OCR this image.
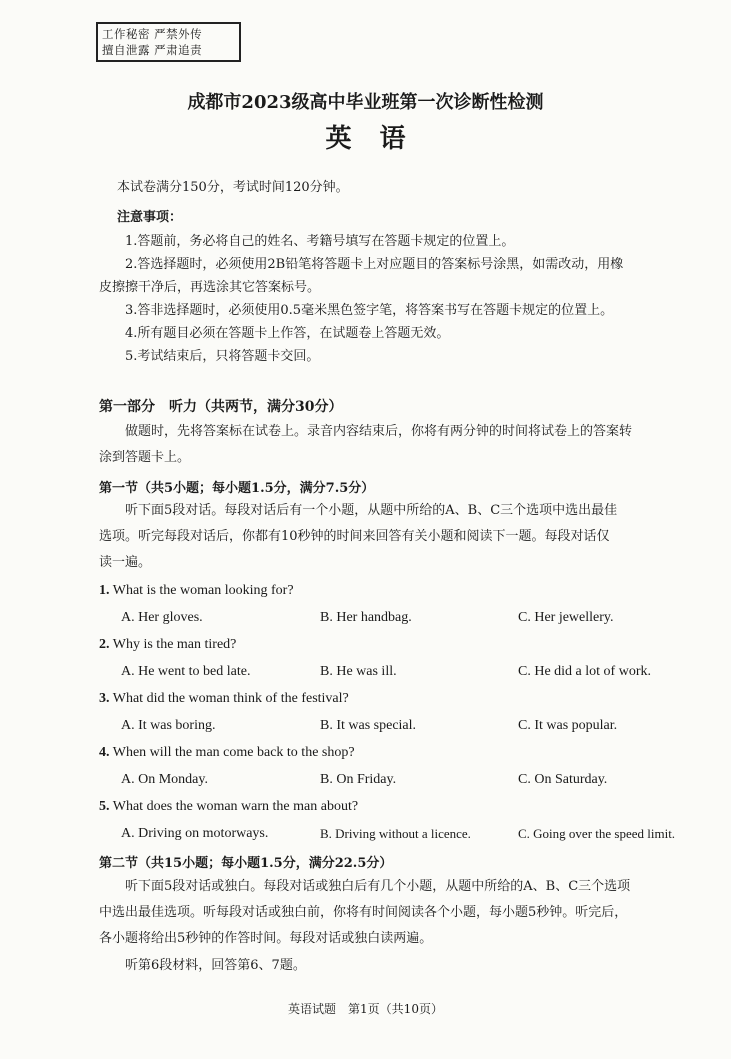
工作秘密 严禁外传
擅自泄露 严肃追责
成都市2023级高中毕业班第一次诊断性检测
英语
本试卷满分150分，考试时间120分钟。
注意事项：
1.答题前，务必将自己的姓名、考籍号填写在答题卡规定的位置上。
2.答选择题时，必须使用2B铅笔将答题卡上对应题目的答案标号涂黑，如需改动，用橡
皮擦擦干净后，再选涂其它答案标号。
3.答非选择题时，必须使用0.5毫米黑色签字笔，将答案书写在答题卡规定的位置上。
4.所有题目必须在答题卡上作答，在试题卷上答题无效。
5.考试结束后，只将答题卡交回。
第一部分　听力（共两节，满分30分）
做题时，先将答案标在试卷上。录音内容结束后，你将有两分钟的时间将试卷上的答案转
涂到答题卡上。
第一节（共5小题；每小题1.5分，满分7.5分）
听下面5段对话。每段对话后有一个小题，从题中所给的A、B、C三个选项中选出最佳
选项。听完每段对话后，你都有10秒钟的时间来回答有关小题和阅读下一题。每段对话仅
读一遍。
1. What is the woman looking for?
A. Her gloves.	B. Her handbag.	C. Her jewellery.
2. Why is the man tired?
A. He went to bed late.	B. He was ill.	C. He did a lot of work.
3. What did the woman think of the festival?
A. It was boring.	B. It was special.	C. It was popular.
4. When will the man come back to the shop?
A. On Monday.	B. On Friday.	C. On Saturday.
5. What does the woman warn the man about?
A. Driving on motorways.	B. Driving without a licence.	C. Going over the speed limit.
第二节（共15小题；每小题1.5分，满分22.5分）
听下面5段对话或独白。每段对话或独白后有几个小题，从题中所给的A、B、C三个选项
中选出最佳选项。听每段对话或独白前，你将有时间阅读各个小题，每小题5秒钟。听完后，
各小题将给出5秒钟的作答时间。每段对话或独白读两遍。
听第6段材料，回答第6、7题。
英语试题　第1页（共10页）
